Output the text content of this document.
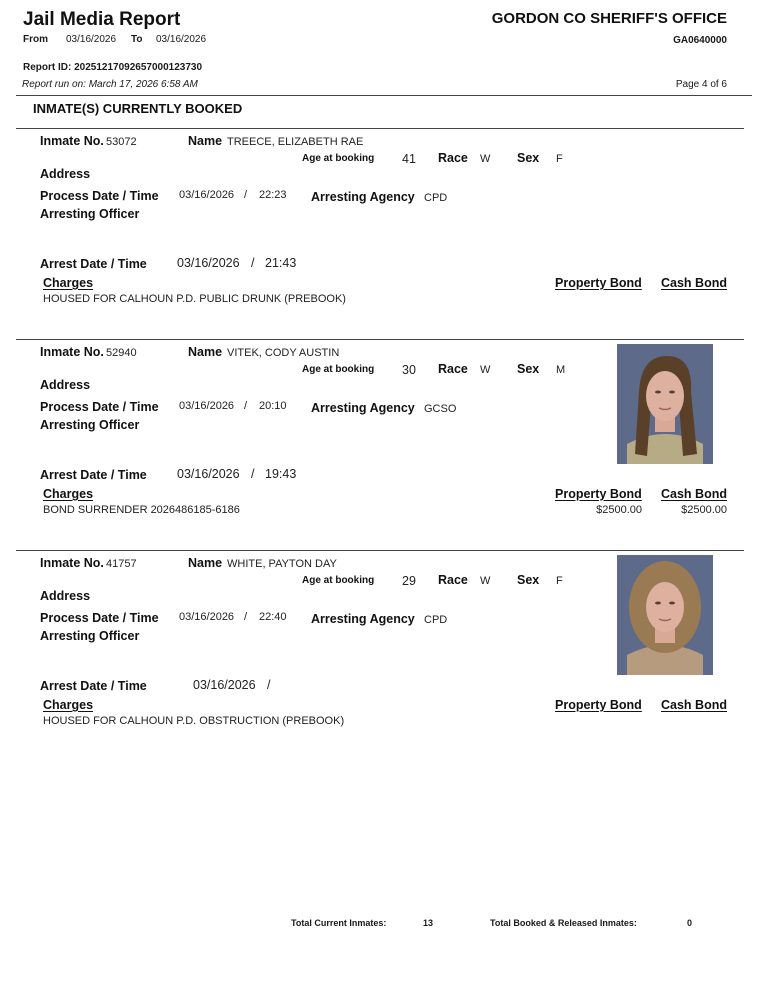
Jail Media Report
From 03/16/2026 To 03/16/2026
Report ID: 20251217092657000123730
Report run on: March 17, 2026 6:58 AM
GORDON CO SHERIFF'S OFFICE
GA0640000
Page 4 of 6
INMATE(S) CURRENTLY BOOKED
Inmate No. 53072	Name TREECE, ELIZABETH RAE
Age at booking 41 Race W Sex F
Address
Process Date / Time 03/16/2026 / 22:23 Arresting Agency CPD
Arresting Officer
Arrest Date / Time 03/16/2026 / 21:43
Charges
HOUSED FOR CALHOUN P.D. PUBLIC DRUNK (PREBOOK)
Property Bond Cash Bond
Inmate No. 52940	Name VITEK, CODY AUSTIN
Age at booking 30 Race W Sex M
Address
Process Date / Time 03/16/2026 / 20:10 Arresting Agency GCSO
Arresting Officer
Arrest Date / Time 03/16/2026 / 19:43
Charges
BOND SURRENDER 2026486185-6186
Property Bond Cash Bond
$2500.00	$2500.00
Inmate No. 41757	Name WHITE, PAYTON DAY
Age at booking 29 Race W Sex F
Address
Process Date / Time 03/16/2026 / 22:40 Arresting Agency CPD
Arresting Officer
Arrest Date / Time	03/16/2026 /
Charges
HOUSED FOR CALHOUN P.D. OBSTRUCTION (PREBOOK)
Property Bond Cash Bond
Total Current Inmates:	13	Total Booked & Released Inmates:	0
